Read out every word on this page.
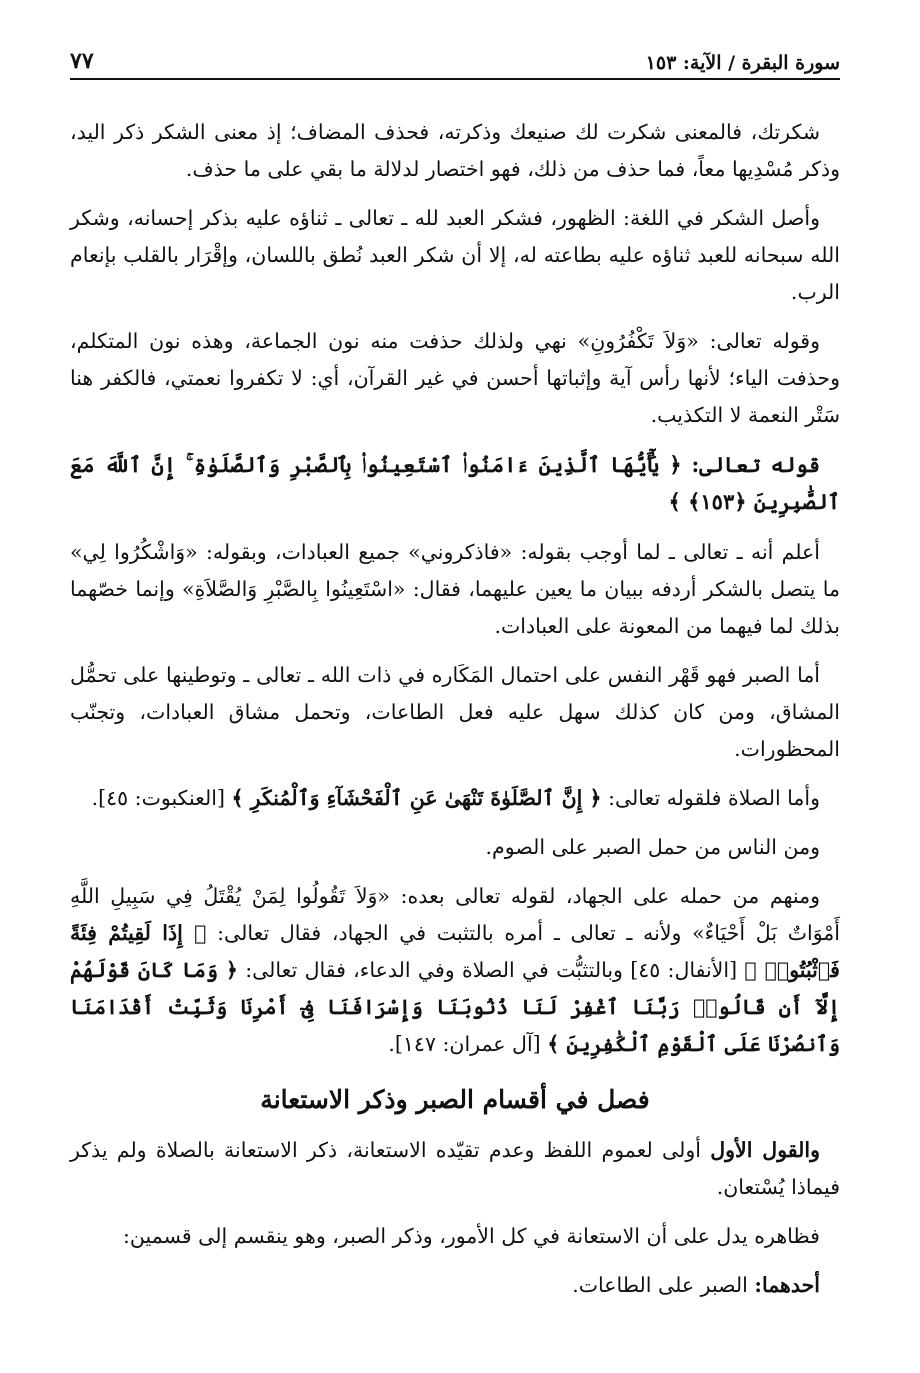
سورة البقرة / الآية: ١٥٣
٧٧

شكرتك، فالمعنى شكرت لك صنيعك وذكرته، فحذف المضاف؛ إذ معنى الشكر ذكر اليد، وذكر مُسْدِيها معاً، فما حذف من ذلك، فهو اختصار لدلالة ما بقي على ما حذف.

وأصل الشكر في اللغة: الظهور، فشكر العبد لله ـ تعالى ـ ثناؤه عليه بذكر إحسانه، وشكر الله سبحانه للعبد ثناؤه عليه بطاعته له، إلا أن شكر العبد نُطق باللسان، وإقْرَار بالقلب بإنعام الرب.

وقوله تعالى: «وَلاَ تَكْفُرُونِ» نهي ولذلك حذفت منه نون الجماعة، وهذه نون المتكلم، وحذفت الياء؛ لأنها رأس آية وإثباتها أحسن في غير القرآن، أي: لا تكفروا نعمتي، فالكفر هنا سَتْر النعمة لا التكذيب.

قوله تعالى: ﴿ يَٰٓأَيُّهَا ٱلَّذِينَ ءَامَنُوا۟ ٱسْتَعِينُوا۟ بِٱلصَّبْرِ وَٱلصَّلَوٰةِ ۚ إِنَّ ٱللَّهَ مَعَ ٱلصَّٰبِرِينَ ﴿١٥٣﴾ ﴾

أعلم أنه ـ تعالى ـ لما أوجب بقوله: «فاذكروني» جميع العبادات، وبقوله: «وَاشْكُرُوا لِي» ما يتصل بالشكر أردفه ببيان ما يعين عليهما، فقال: «اسْتَعِينُوا بِالصَّبْرِ وَالصَّلاَةِ» وإنما خصّهما بذلك لما فيهما من المعونة على العبادات.

أما الصبر فهو قَهْر النفس على احتمال المَكَاره في ذات الله ـ تعالى ـ وتوطينها على تحمُّل المشاق، ومن كان كذلك سهل عليه فعل الطاعات، وتحمل مشاق العبادات، وتجنّب المحظورات.

وأما الصلاة فلقوله تعالى: ﴿ إِنَّ ٱلصَّلَوٰةَ تَنْهَىٰ عَنِ ٱلْفَحْشَآءِ وَٱلْمُنكَرِ ﴾ [العنكبوت: ٤٥].

ومن الناس من حمل الصبر على الصوم.

ومنهم من حمله على الجهاد، لقوله تعالى بعده: «وَلاَ تَقُولُوا لِمَنْ يُقْتَلُ فِي سَبِيلِ اللَّهِ أَمْوَاتٌ بَلْ أَحْيَاءٌ» ولأنه ـ تعالى ـ أمره بالتثبت في الجهاد، فقال تعالى: ﴿ إِذَا لَقِيتُمْ فِئَةً فَٱثْبُتُوا۟ ﴾ [الأنفال: ٤٥] وبالتثبُّت في الصلاة وفي الدعاء، فقال تعالى: ﴿ وَمَا كَانَ قَوْلَهُمْ إِلَّآ أَن قَالُوا۟ رَبَّنَا ٱغْفِرْ لَنَا ذُنُوبَنَا وَإِسْرَافَنَا فِىٓ أَمْرِنَا وَثَبِّتْ أَقْدَامَنَا وَٱنصُرْنَا عَلَى ٱلْقَوْمِ ٱلْكَٰفِرِينَ ﴾ [آل عمران: ١٤٧].

فصل في أقسام الصبر وذكر الاستعانة

والقول الأول أولى لعموم اللفظ وعدم تقيّده الاستعانة، ذكر الاستعانة بالصلاة ولم يذكر فيماذا يُسْتعان.

فظاهره يدل على أن الاستعانة في كل الأمور، وذكر الصبر، وهو ينقسم إلى قسمين:

أحدهما: الصبر على الطاعات.
